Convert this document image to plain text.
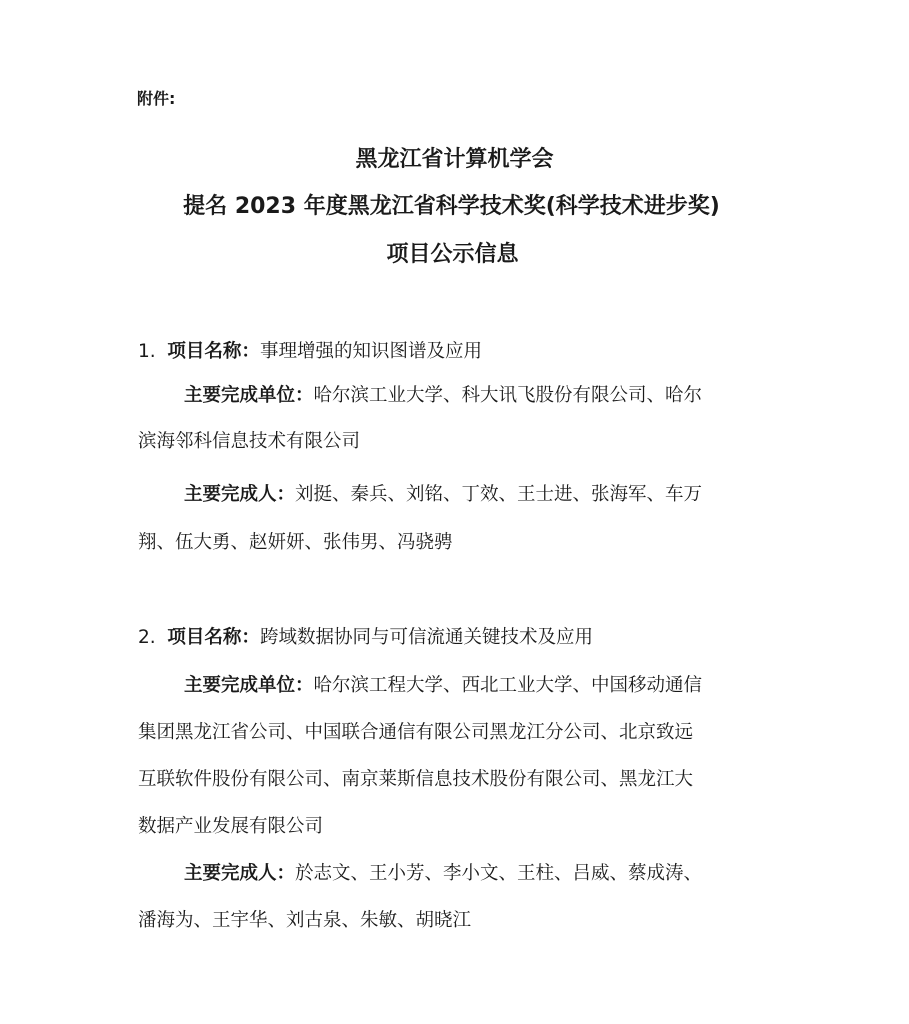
附件:
黑龙江省计算机学会
提名 2023 年度黑龙江省科学技术奖(科学技术进步奖)
项目公示信息
1. 项目名称：事理增强的知识图谱及应用
主要完成单位：哈尔滨工业大学、科大讯飞股份有限公司、哈尔
滨海邻科信息技术有限公司
主要完成人：刘挺、秦兵、刘铭、丁效、王士进、张海军、车万
翔、伍大勇、赵妍妍、张伟男、冯骁骋
2. 项目名称：跨域数据协同与可信流通关键技术及应用
主要完成单位：哈尔滨工程大学、西北工业大学、中国移动通信
集团黑龙江省公司、中国联合通信有限公司黑龙江分公司、北京致远
互联软件股份有限公司、南京莱斯信息技术股份有限公司、黑龙江大
数据产业发展有限公司
主要完成人：於志文、王小芳、李小文、王柱、吕威、蔡成涛、
潘海为、王宇华、刘古泉、朱敏、胡晓江
